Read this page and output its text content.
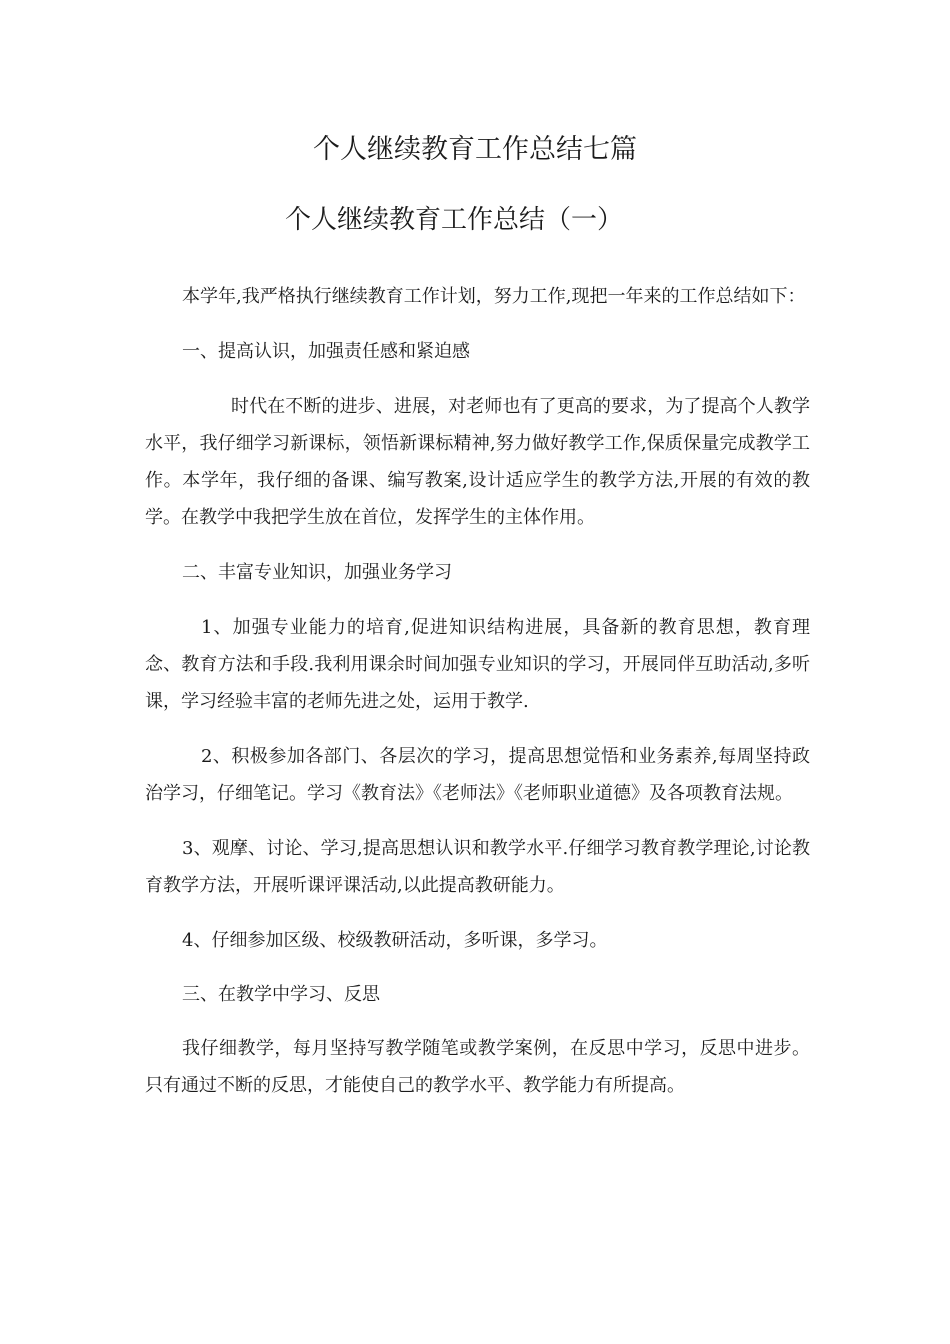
个人继续教育工作总结七篇
个人继续教育工作总结（一）

本学年,我严格执行继续教育工作计划，努力工作,现把一年来的工作总结如下：

一、提高认识，加强责任感和紧迫感

时代在不断的进步、进展，对老师也有了更高的要求，为了提高个人教学水平，我仔细学习新课标，领悟新课标精神,努力做好教学工作,保质保量完成教学工作。本学年，我仔细的备课、编写教案,设计适应学生的教学方法,开展的有效的教学。在教学中我把学生放在首位，发挥学生的主体作用。

二、丰富专业知识，加强业务学习

1、加强专业能力的培育,促进知识结构进展，具备新的教育思想，教育理念、教育方法和手段.我利用课余时间加强专业知识的学习，开展同伴互助活动,多听课，学习经验丰富的老师先进之处，运用于教学.

2、积极参加各部门、各层次的学习，提高思想觉悟和业务素养,每周坚持政治学习，仔细笔记。学习《教育法》《老师法》《老师职业道德》及各项教育法规。

3、观摩、讨论、学习,提高思想认识和教学水平.仔细学习教育教学理论,讨论教育教学方法，开展听课评课活动,以此提高教研能力。

4、仔细参加区级、校级教研活动，多听课，多学习。

三、在教学中学习、反思

我仔细教学，每月坚持写教学随笔或教学案例，在反思中学习，反思中进步。只有通过不断的反思，才能使自己的教学水平、教学能力有所提高。
